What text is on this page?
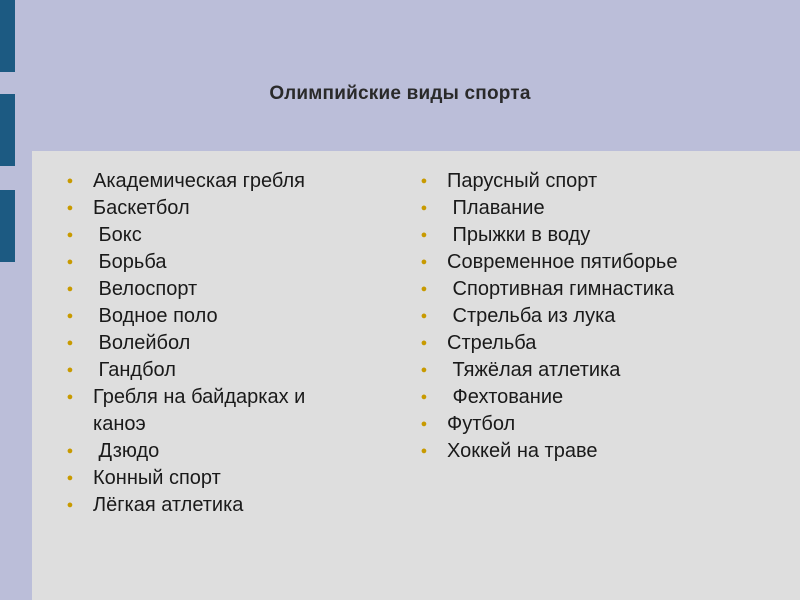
Олимпийские виды спорта
● Академическая гребля
● Баскетбол
● Бокс
● Борьба
● Велоспорт
● Водное поло
● Волейбол
● Гандбол
● Гребля на байдарках и каноэ
● Дзюдо
● Конный спорт
● Лёгкая атлетика
● Парусный спорт
● Плавание
● Прыжки в воду
● Современное пятиборье
● Спортивная гимнастика
● Стрельба из лука
● Стрельба
● Тяжёлая атлетика
● Фехтование
● Футбол
● Хоккей на траве
